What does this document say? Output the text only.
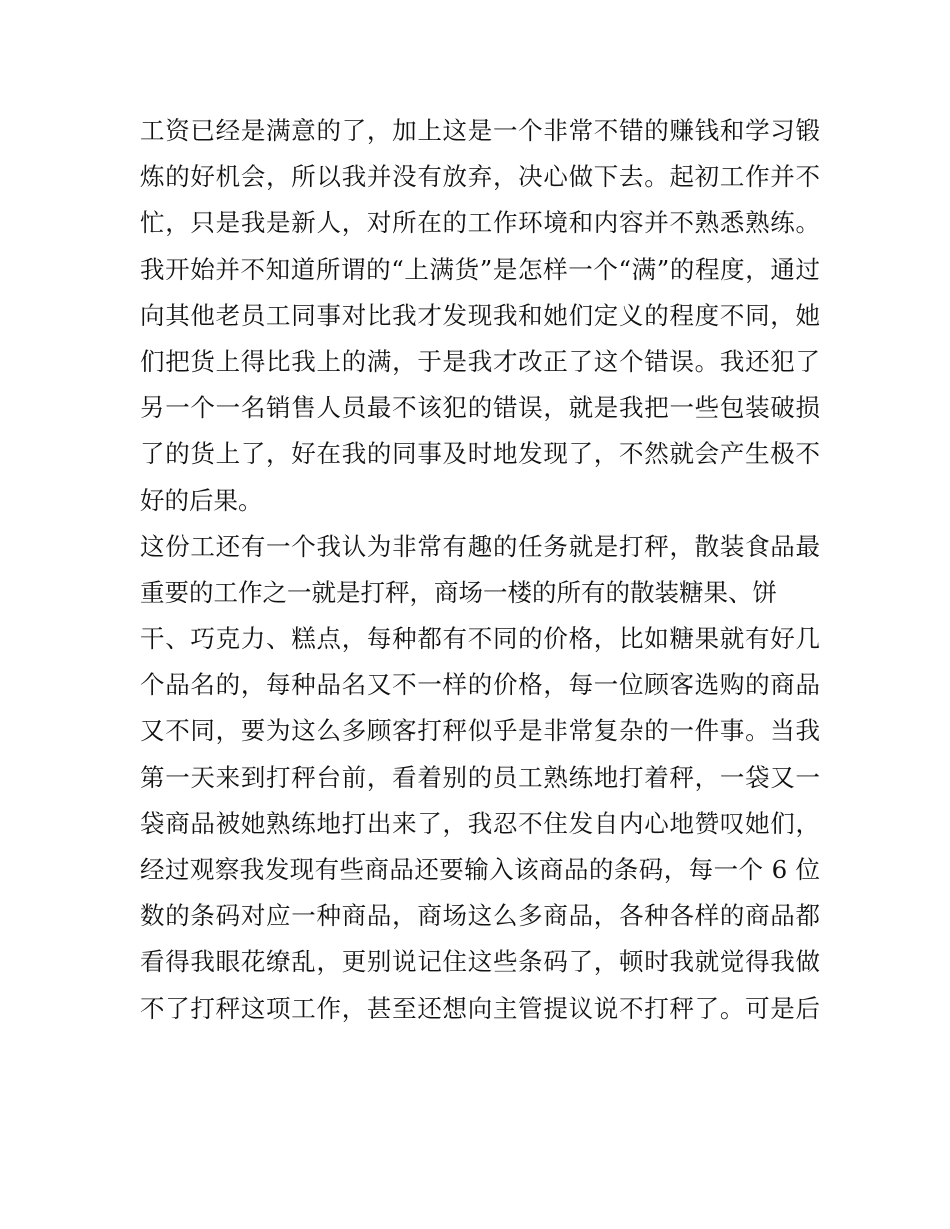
工资已经是满意的了，加上这是一个非常不错的赚钱和学习锻
炼的好机会，所以我并没有放弃，决心做下去。起初工作并不
忙，只是我是新人，对所在的工作环境和内容并不熟悉熟练。
我开始并不知道所谓的“上满货”是怎样一个“满”的程度，通过
向其他老员工同事对比我才发现我和她们定义的程度不同，她
们把货上得比我上的满，于是我才改正了这个错误。我还犯了
另一个一名销售人员最不该犯的错误，就是我把一些包装破损
了的货上了，好在我的同事及时地发现了，不然就会产生极不
好的后果。
这份工还有一个我认为非常有趣的任务就是打秤，散装食品最
重要的工作之一就是打秤，商场一楼的所有的散装糖果、饼
干、巧克力、糕点，每种都有不同的价格，比如糖果就有好几
个品名的，每种品名又不一样的价格，每一位顾客选购的商品
又不同，要为这么多顾客打秤似乎是非常复杂的一件事。当我
第一天来到打秤台前，看着别的员工熟练地打着秤，一袋又一
袋商品被她熟练地打出来了，我忍不住发自内心地赞叹她们，
经过观察我发现有些商品还要输入该商品的条码，每一个 6 位
数的条码对应一种商品，商场这么多商品，各种各样的商品都
看得我眼花缭乱，更别说记住这些条码了，顿时我就觉得我做
不了打秤这项工作，甚至还想向主管提议说不打秤了。可是后
